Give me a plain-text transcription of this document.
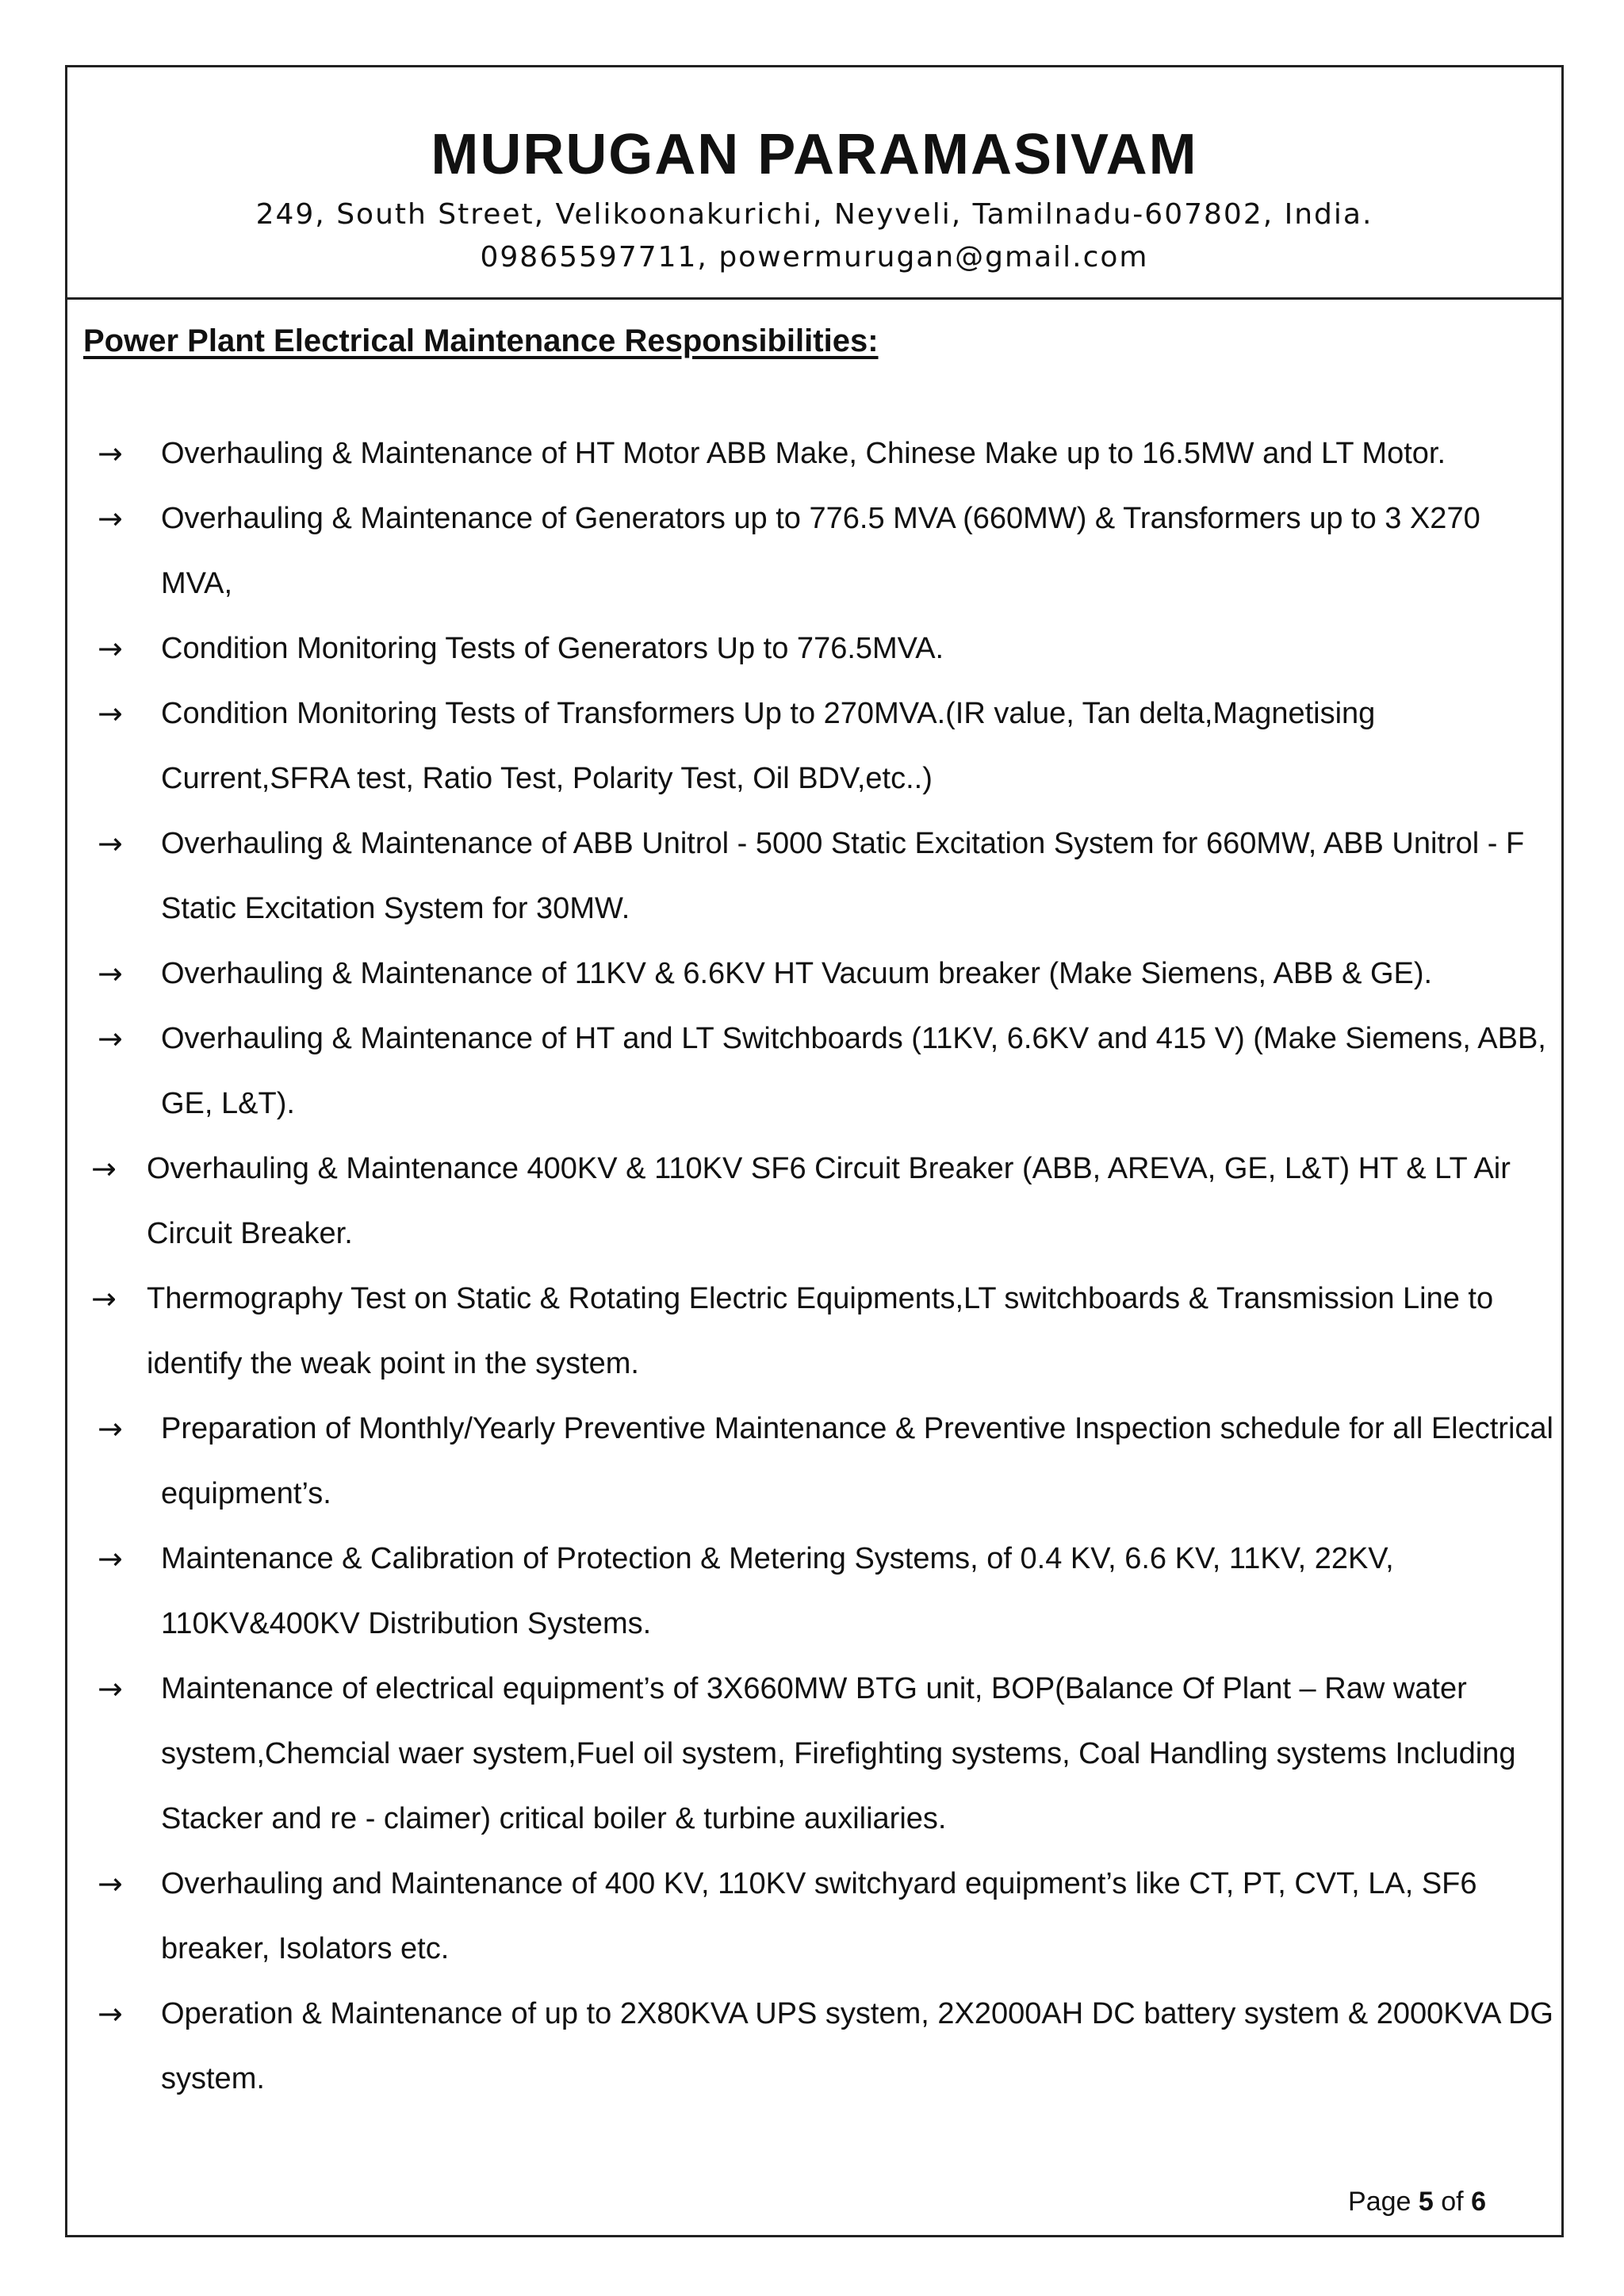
MURUGAN PARAMASIVAM
249, South Street, Velikoonakurichi, Neyveli, Tamilnadu-607802, India.
09865597711, powermurugan@gmail.com
Power Plant Electrical Maintenance Responsibilities:
→ Overhauling & Maintenance of HT Motor ABB Make, Chinese Make up to 16.5MW and LT Motor.
→ Overhauling & Maintenance of Generators up to 776.5 MVA (660MW) & Transformers up to 3 X270 MVA,
→ Condition Monitoring Tests of Generators Up to 776.5MVA.
→ Condition Monitoring Tests of Transformers Up to 270MVA.(IR value, Tan delta,Magnetising Current,SFRA test, Ratio Test, Polarity Test, Oil BDV,etc..)
→ Overhauling & Maintenance of ABB Unitrol - 5000 Static Excitation System for 660MW, ABB Unitrol - F Static Excitation System for 30MW.
→ Overhauling & Maintenance of 11KV & 6.6KV HT Vacuum breaker (Make Siemens, ABB & GE).
→ Overhauling & Maintenance of HT and LT Switchboards (11KV, 6.6KV and 415 V) (Make Siemens, ABB, GE, L&T).
→ Overhauling & Maintenance 400KV & 110KV SF6 Circuit Breaker (ABB, AREVA, GE, L&T) HT & LT Air Circuit Breaker.
→ Thermography Test on Static & Rotating Electric Equipments,LT switchboards & Transmission Line to identify the weak point in the system.
→ Preparation of Monthly/Yearly Preventive Maintenance & Preventive Inspection schedule for all Electrical equipment’s.
→ Maintenance & Calibration of Protection & Metering Systems, of 0.4 KV, 6.6 KV, 11KV, 22KV, 110KV&400KV Distribution Systems.
→ Maintenance of electrical equipment’s of 3X660MW BTG unit, BOP(Balance Of Plant – Raw water system,Chemcial waer system,Fuel oil system, Firefighting systems, Coal Handling systems Including Stacker and re - claimer) critical boiler & turbine auxiliaries.
→ Overhauling and Maintenance of 400 KV, 110KV switchyard equipment’s like CT, PT, CVT, LA, SF6 breaker, Isolators etc.
→ Operation & Maintenance of up to 2X80KVA UPS system, 2X2000AH DC battery system & 2000KVA DG system.
Page 5 of 6
